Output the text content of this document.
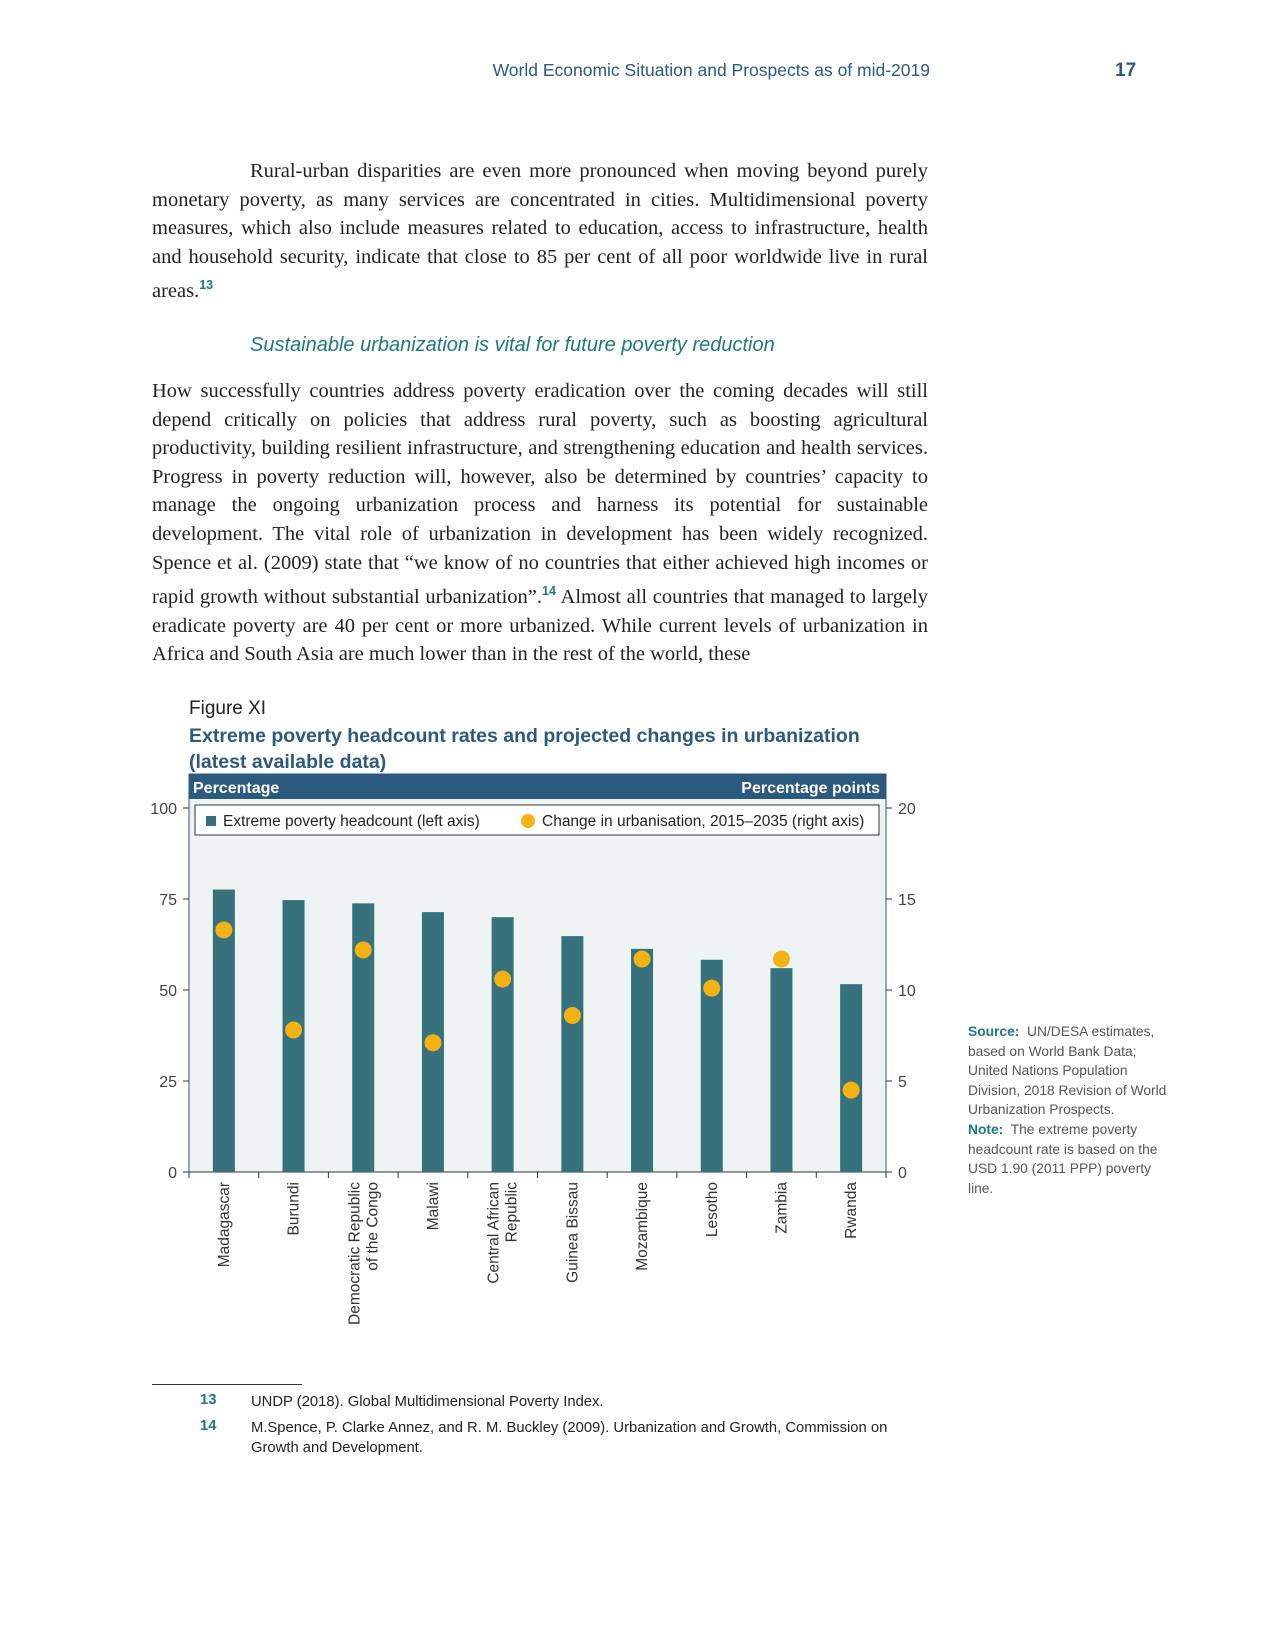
World Economic Situation and Prospects as of mid-2019	17

Rural-urban disparities are even more pronounced when moving beyond purely monetary poverty, as many services are concentrated in cities. Multidimensional poverty measures, which also include measures related to education, access to infrastructure, health and household security, indicate that close to 85 per cent of all poor worldwide live in rural areas.$^{13}$

Sustainable urbanization is vital for future poverty reduction

How successfully countries address poverty eradication over the coming decades will still depend critically on policies that address rural poverty, such as boosting agricultural productivity, building resilient infrastructure, and strengthening education and health services. Progress in poverty reduction will, however, also be determined by countries’ capacity to manage the ongoing urbanization process and harness its potential for sustainable development. The vital role of urbanization in development has been widely recognized. Spence et al. (2009) state that “we know of no countries that either achieved high incomes or rapid growth without substantial urbanization”.$^{14}$ Almost all countries that managed to largely eradicate poverty are 40 per cent or more urbanized. While current levels of urbanization in Africa and South Asia are much lower than in the rest of the world, these

Figure XI
Extreme poverty headcount rates and projected changes in urbanization (latest available data)
Percentage	Percentage points
Extreme poverty headcount (left axis)	Change in urbanisation, 2015–2035 (right axis)
0
25
50
75
100
0
5
10
15
20
Madagascar	Burundi	Democratic Republic of the Congo	Malawi	Central African Republic	Guinea Bissau	Mozambique	Lesotho	Zambia	Rwanda
Source: UN/DESA estimates, based on World Bank Data; United Nations Population Division, 2018 Revision of World Urbanization Prospects.
Note: The extreme poverty headcount rate is based on the USD 1.90 (2011 PPP) poverty line.
13 UNDP (2018). Global Multidimensional Poverty Index.
14 M.Spence, P. Clarke Annez, and R. M. Buckley (2009). Urbanization and Growth, Commission on Growth and Development.
